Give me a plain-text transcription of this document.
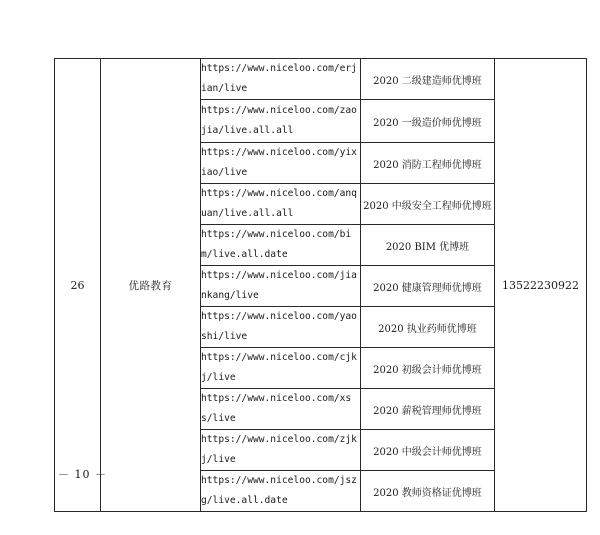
26	优路教育	https://www.niceloo.com/erjian/live	2020 二级建造师优博班	13522230922
		https://www.niceloo.com/zaojia/live.all.all	2020 一级造价师优博班	
		https://www.niceloo.com/yixiao/live	2020 消防工程师优博班	
		https://www.niceloo.com/anquan/live.all.all	2020 中级安全工程师优博班	
		https://www.niceloo.com/bim/live.all.date	2020 BIM 优博班	
		https://www.niceloo.com/jiankang/live	2020 健康管理师优博班	
		https://www.niceloo.com/yaoshi/live	2020 执业药师优博班	
		https://www.niceloo.com/cjkj/live	2020 初级会计师优博班	
		https://www.niceloo.com/xss/live	2020 薪税管理师优博班	
		https://www.niceloo.com/zjkj/live	2020 中级会计师优博班	
		https://www.niceloo.com/jszg/live.all.date	2020 教师资格证优博班	
－ 10 －
